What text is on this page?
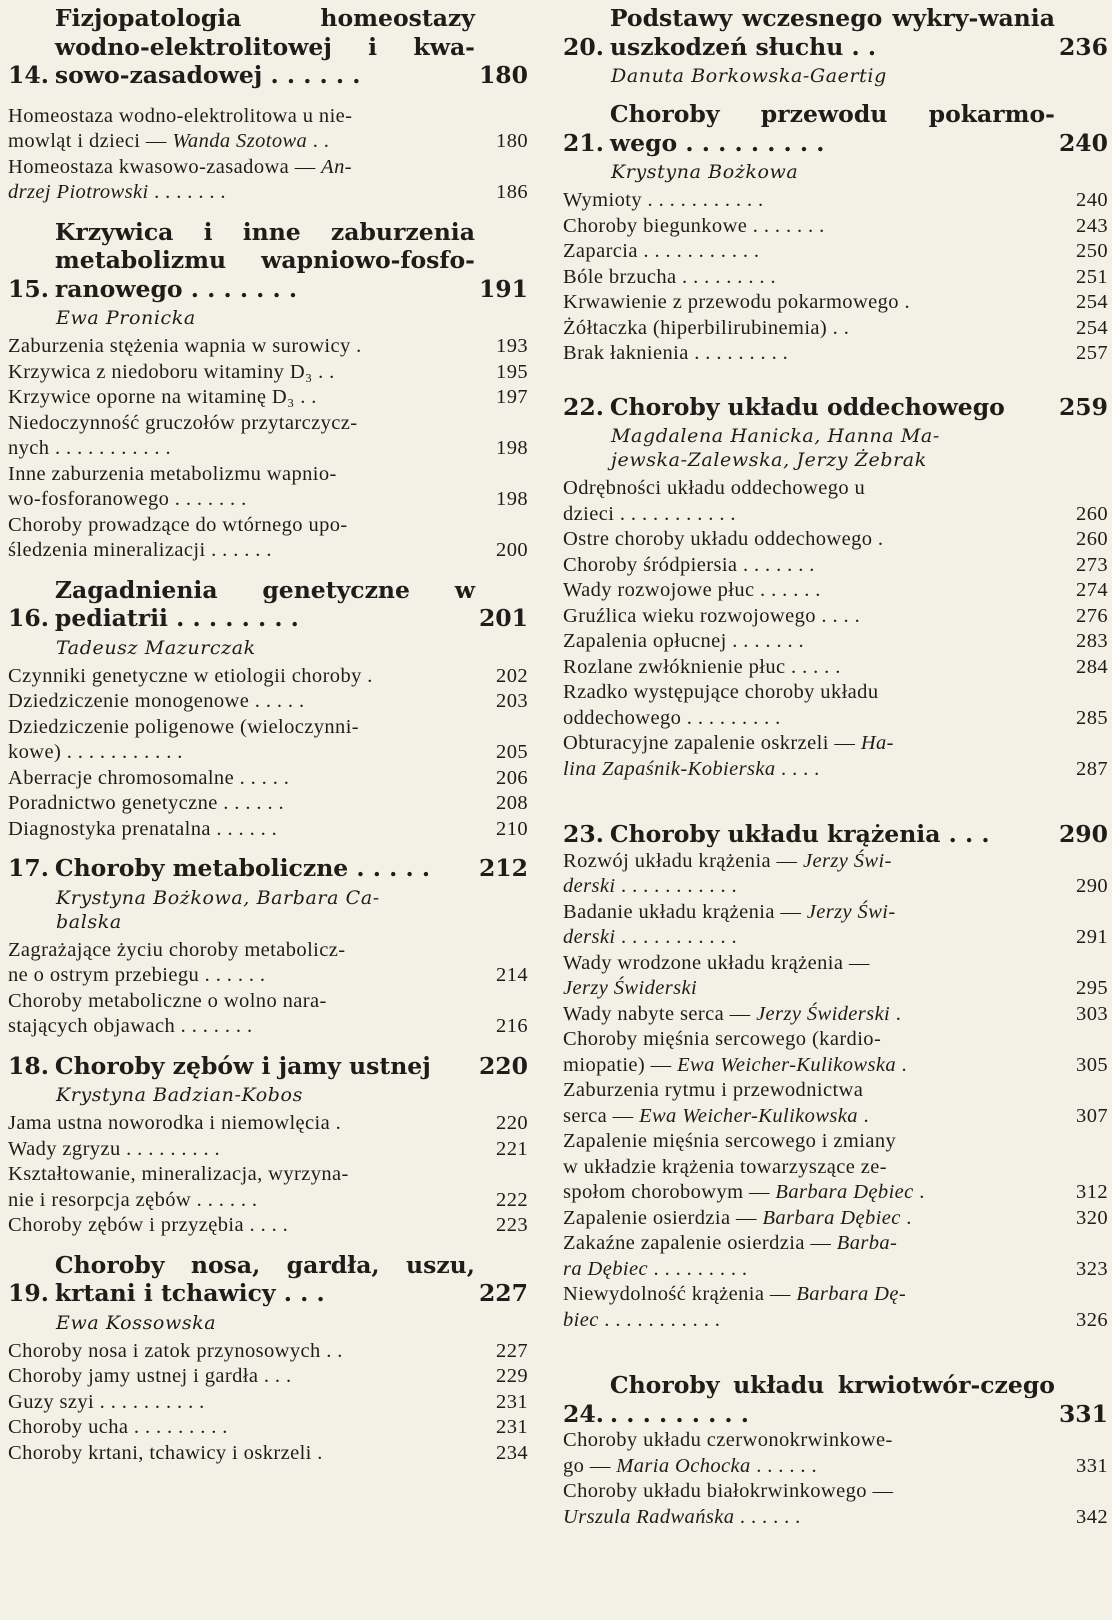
14.
Fizjopatologia homeostazy wodno-elektrolitowej i kwa-sowo-zasadowej . . . . . .	180
Homeostaza wodno-elektrolitowa u nie-
mowląt i dzieci — Wanda Szotowa . .	180
Homeostaza kwasowo-zasadowa — An-
drzej Piotrowski . . . . . . .	186
15.
Krzywica i inne zaburzenia metabolizmu wapniowo-fosfo-ranowego . . . . . . .	191
Ewa Pronicka
Zaburzenia stężenia wapnia w surowicy .	193
Krzywica z niedoboru witaminy D₃ . .	195
Krzywice oporne na witaminę D₃ . .	197
Niedoczynność gruczołów przytarczycz-
nych . . . . . . . . . . .	198
Inne zaburzenia metabolizmu wapnio-
wo-fosforanowego . . . . . . .	198
Choroby prowadzące do wtórnego upo-
śledzenia mineralizacji . . . . . .	200
16.
Zagadnienia genetyczne w pediatrii . . . . . . . .	201
Tadeusz Mazurczak
Czynniki genetyczne w etiologii choroby .	202
Dziedziczenie monogenowe . . . . .	203
Dziedziczenie poligenowe (wieloczynni-
kowe) . . . . . . . . . . .	205
Aberracje chromosomalne . . . . .	206
Poradnictwo genetyczne . . . . . .	208
Diagnostyka prenatalna . . . . . .	210
17. Choroby metaboliczne . . . . .	212
Krystyna Bożkowa, Barbara Ca-
balska
Zagrażające życiu choroby metabolicz-
ne o ostrym przebiegu . . . . . .	214
Choroby metaboliczne o wolno nara-
stających objawach . . . . . . .	216
18. Choroby zębów i jamy ustnej	220
Krystyna Badzian-Kobos
Jama ustna noworodka i niemowlęcia .	220
Wady zgryzu . . . . . . . . .	221
Kształtowanie, mineralizacja, wyrzyna-
nie i resorpcja zębów . . . . . .	222
Choroby zębów i przyzębia . . . .	223
19.
Choroby nosa, gardła, uszu, krtani i tchawicy . . .	227
Ewa Kossowska
Choroby nosa i zatok przynosowych . .	227
Choroby jamy ustnej i gardła . . .	229
Guzy szyi . . . . . . . . . .	231
Choroby ucha . . . . . . . . .	231
Choroby krtani, tchawicy i oskrzeli .	234
20.
Podstawy wczesnego wykry-wania uszkodzeń słuchu . .	236
Danuta Borkowska-Gaertig
21.
Choroby przewodu pokarmo-wego . . . . . . . . .	240
Krystyna Bożkowa
Wymioty . . . . . . . . . . .	240
Choroby biegunkowe . . . . . . .	243
Zaparcia . . . . . . . . . . .	250
Bóle brzucha . . . . . . . . .	251
Krwawienie z przewodu pokarmowego .	254
Żółtaczka (hiperbilirubinemia) . .	254
Brak łaknienia . . . . . . . . .	257
22. Choroby układu oddechowego	259
Magdalena Hanicka, Hanna Ma-
jewska-Zalewska, Jerzy Żebrak
Odrębności układu oddechowego u
dzieci . . . . . . . . . . .	260
Ostre choroby układu oddechowego .	260
Choroby śródpiersia . . . . . . .	273
Wady rozwojowe płuc . . . . . .	274
Gruźlica wieku rozwojowego . . . .	276
Zapalenia opłucnej . . . . . . .	283
Rozlane zwłóknienie płuc . . . . .	284
Rzadko występujące choroby układu
oddechowego . . . . . . . . .	285
Obturacyjne zapalenie oskrzeli — Ha-
lina Zapaśnik-Kobierska . . . .	287
23. Choroby układu krążenia . . .	290
Rozwój układu krążenia — Jerzy Świ-
derski . . . . . . . . . . .	290
Badanie układu krążenia — Jerzy Świ-
derski . . . . . . . . . . .	291
Wady wrodzone układu krążenia —
Jerzy Świderski	295
Wady nabyte serca — Jerzy Świderski .	303
Choroby mięśnia sercowego (kardio-
miopatie) — Ewa Weicher-Kulikowska .	305
Zaburzenia rytmu i przewodnictwa
serca — Ewa Weicher-Kulikowska .	307
Zapalenie mięśnia sercowego i zmiany
w układzie krążenia towarzyszące ze-
społom chorobowym — Barbara Dębiec .	312
Zapalenie osierdzia — Barbara Dębiec .	320
Zakaźne zapalenie osierdzia — Barba-
ra Dębiec . . . . . . . . .	323
Niewydolność krążenia — Barbara Dę-
biec . . . . . . . . . . .	326
24.
Choroby układu krwiotwór-czego . . . . . . . . .	331
Choroby układu czerwonokrwinkowe-
go — Maria Ochocka . . . . . .	331
Choroby układu białokrwinkowego —
Urszula Radwańska . . . . . .	342
